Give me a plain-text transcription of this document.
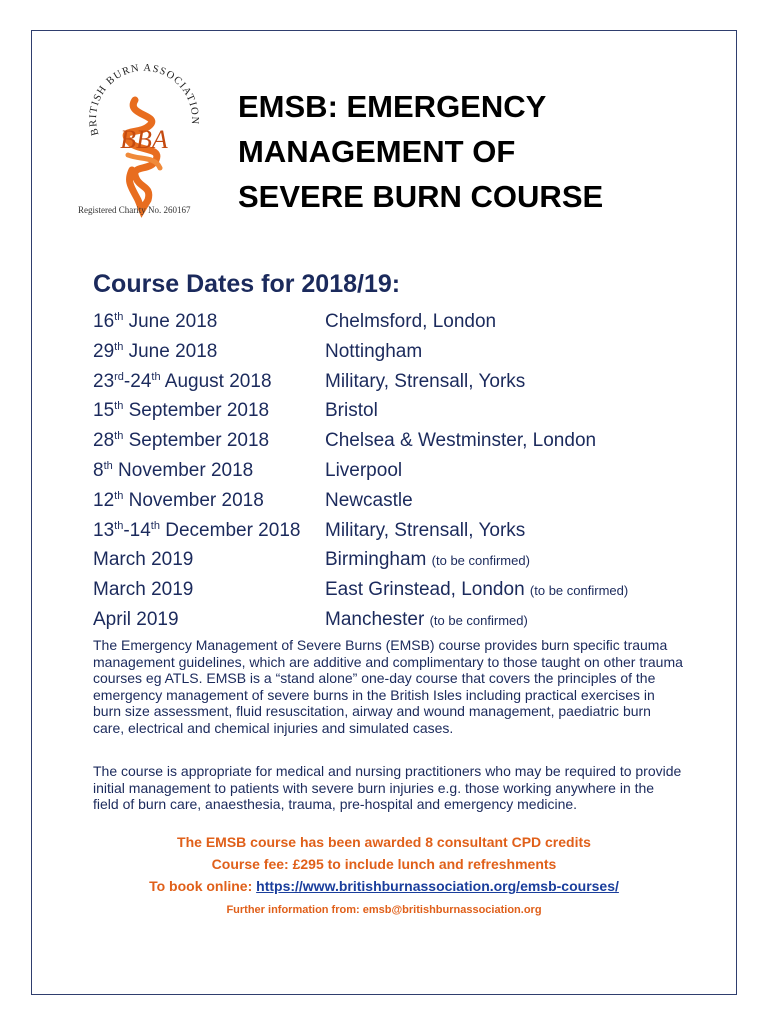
BRITISH BURN ASSOCIATION
BBA
Registered Charity No. 260167
EMSB: EMERGENCY
MANAGEMENT OF
SEVERE BURN COURSE
Course Dates for 2018/19:
16th June 2018	Chelmsford, London
29th June 2018	Nottingham
23rd-24th August 2018	Military, Strensall, Yorks
15th September 2018	Bristol
28th September 2018	Chelsea & Westminster, London
8th November 2018	Liverpool
12th November 2018	Newcastle
13th-14th December 2018	Military, Strensall, Yorks
March 2019	Birmingham (to be confirmed)
March 2019	East Grinstead, London (to be confirmed)
April 2019	Manchester (to be confirmed)

The Emergency Management of Severe Burns (EMSB) course provides burn specific trauma management guidelines, which are additive and complimentary to those taught on other trauma courses eg ATLS. EMSB is a “stand alone” one-day course that covers the principles of the emergency management of severe burns in the British Isles including practical exercises in burn size assessment, fluid resuscitation, airway and wound management, paediatric burn care, electrical and chemical injuries and simulated cases.

The course is appropriate for medical and nursing practitioners who may be required to provide initial management to patients with severe burn injuries e.g. those working anywhere in the field of burn care, anaesthesia, trauma, pre-hospital and emergency medicine.

The EMSB course has been awarded 8 consultant CPD credits

Course fee: £295 to include lunch and refreshments

To book online: https://www.britishburnassociation.org/emsb-courses/

Further information from: emsb@britishburnassociation.org
